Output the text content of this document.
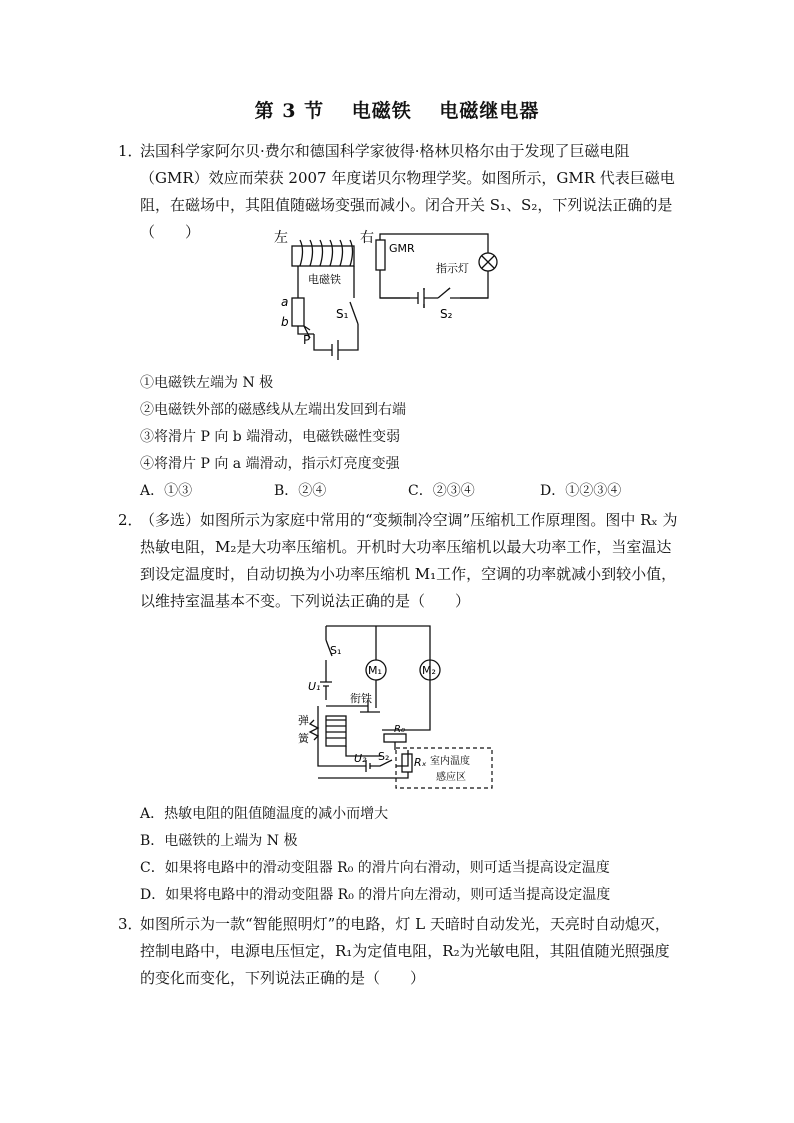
第 3 节 电磁铁 电磁继电器
1．
法国科学家阿尔贝·费尔和德国科学家彼得·格林贝格尔由于发现了巨磁电阻（GMR）效应而荣获 2007 年度诺贝尔物理学奖。如图所示，GMR 代表巨磁电阻，在磁场中，其阻值随磁场变强而减小。闭合开关 S₁、S₂，下列说法正确的是（　　）	左	右
电磁铁
GMR
指示灯
a
b
P
S₁	S₂
①电磁铁左端为 N 极
②电磁铁外部的磁感线从左端出发回到右端
③将滑片 P 向 b 端滑动，电磁铁磁性变弱
④将滑片 P 向 a 端滑动，指示灯亮度变强
A．①③	B．②④	C．②③④	D．①②③④
2．
（多选）如图所示为家庭中常用的“变频制冷空调”压缩机工作原理图。图中 Rₓ 为热敏电阻，M₂是大功率压缩机。开机时大功率压缩机以最大功率工作，当室温达到设定温度时，自动切换为小功率压缩机 M₁工作，空调的功率就减小到较小值，以维持室温基本不变。下列说法正确的是（　　）
S₁
M₁	M₂
U₁
衔铁
弹
簧
R₀
U₂ S₂ Rₓ 室内温度
感应区
A．热敏电阻的阻值随温度的减小而增大
B．电磁铁的上端为 N 极
C．如果将电路中的滑动变阻器 R₀ 的滑片向右滑动，则可适当提高设定温度
D．如果将电路中的滑动变阻器 R₀ 的滑片向左滑动，则可适当提高设定温度
3．
如图所示为一款“智能照明灯”的电路，灯 L 天暗时自动发光，天亮时自动熄灭，控制电路中，电源电压恒定，R₁为定值电阻，R₂为光敏电阻，其阻值随光照强度的变化而变化，下列说法正确的是（　　）
